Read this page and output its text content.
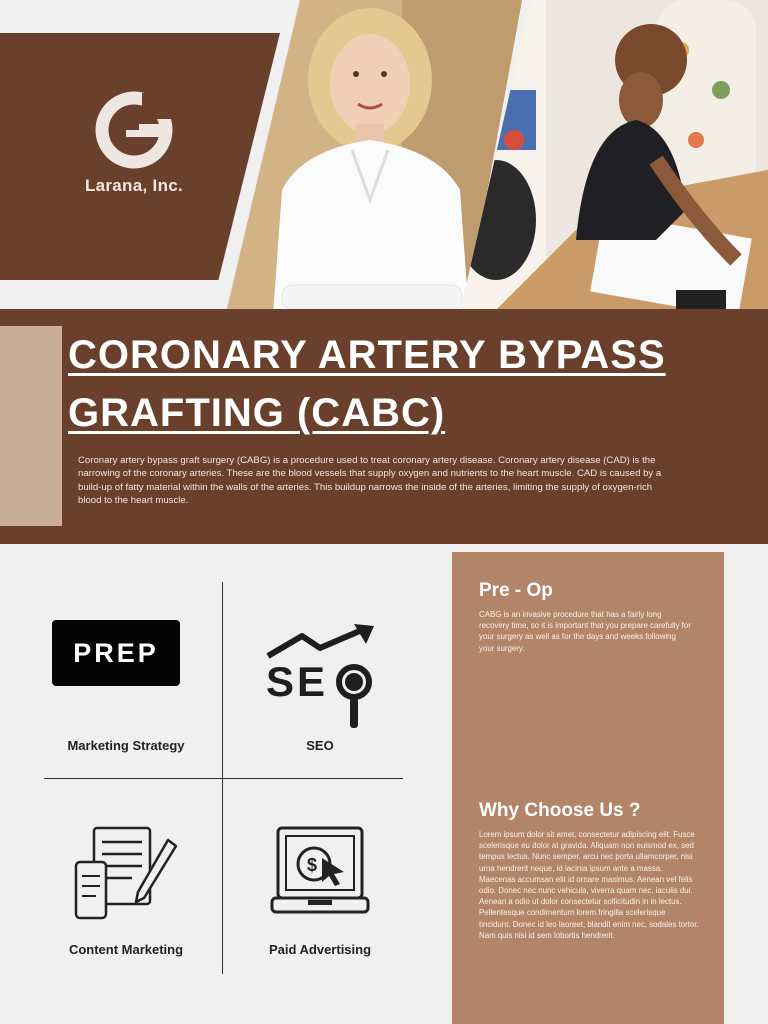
Larana, Inc.
CORONARY ARTERY BYPASS
GRAFTING (CABC)

Coronary artery bypass graft surgery (CABG) is a procedure used to treat coronary artery disease. Coronary artery disease (CAD) is the narrowing of the coronary arteries. These are the blood vessels that supply oxygen and nutrients to the heart muscle. CAD is caused by a build-up of fatty material within the walls of the arteries. This buildup narrows the inside of the arteries, limiting the supply of oxygen-rich blood to the heart muscle.

PREP
Marketing Strategy
SE
SEO
Content Marketing
$
Paid Advertising
Pre - Op

CABG is an invasive procedure that has a fairly long recovery time, so it is important that you prepare carefully for your surgery as well as for the days and weeks following your surgery.

Why Choose Us ?

Lorem ipsum dolor sit amet, consectetur adipiscing elit. Fusce scelerisque eu dolor at gravida. Aliquam non euismod ex, sed tempus lectus. Nunc semper, arcu nec porta ullamcorper, nisi urna hendrerit neque, id lacinia ipsum ante a massa. Maecenas accumsan elit id ornare maximus. Aenean vel felis odio. Donec nec nunc vehicula, viverra quam nec, iaculis dui. Aenean a odio ut dolor consectetur sollicitudin in in lectus. Pellentesque condimentum lorem fringilla scelerisque tincidunt. Donec id leo laoreet, blandit enim nec, sodales tortor. Nam quis nisi id sem lobortis hendrerit.
